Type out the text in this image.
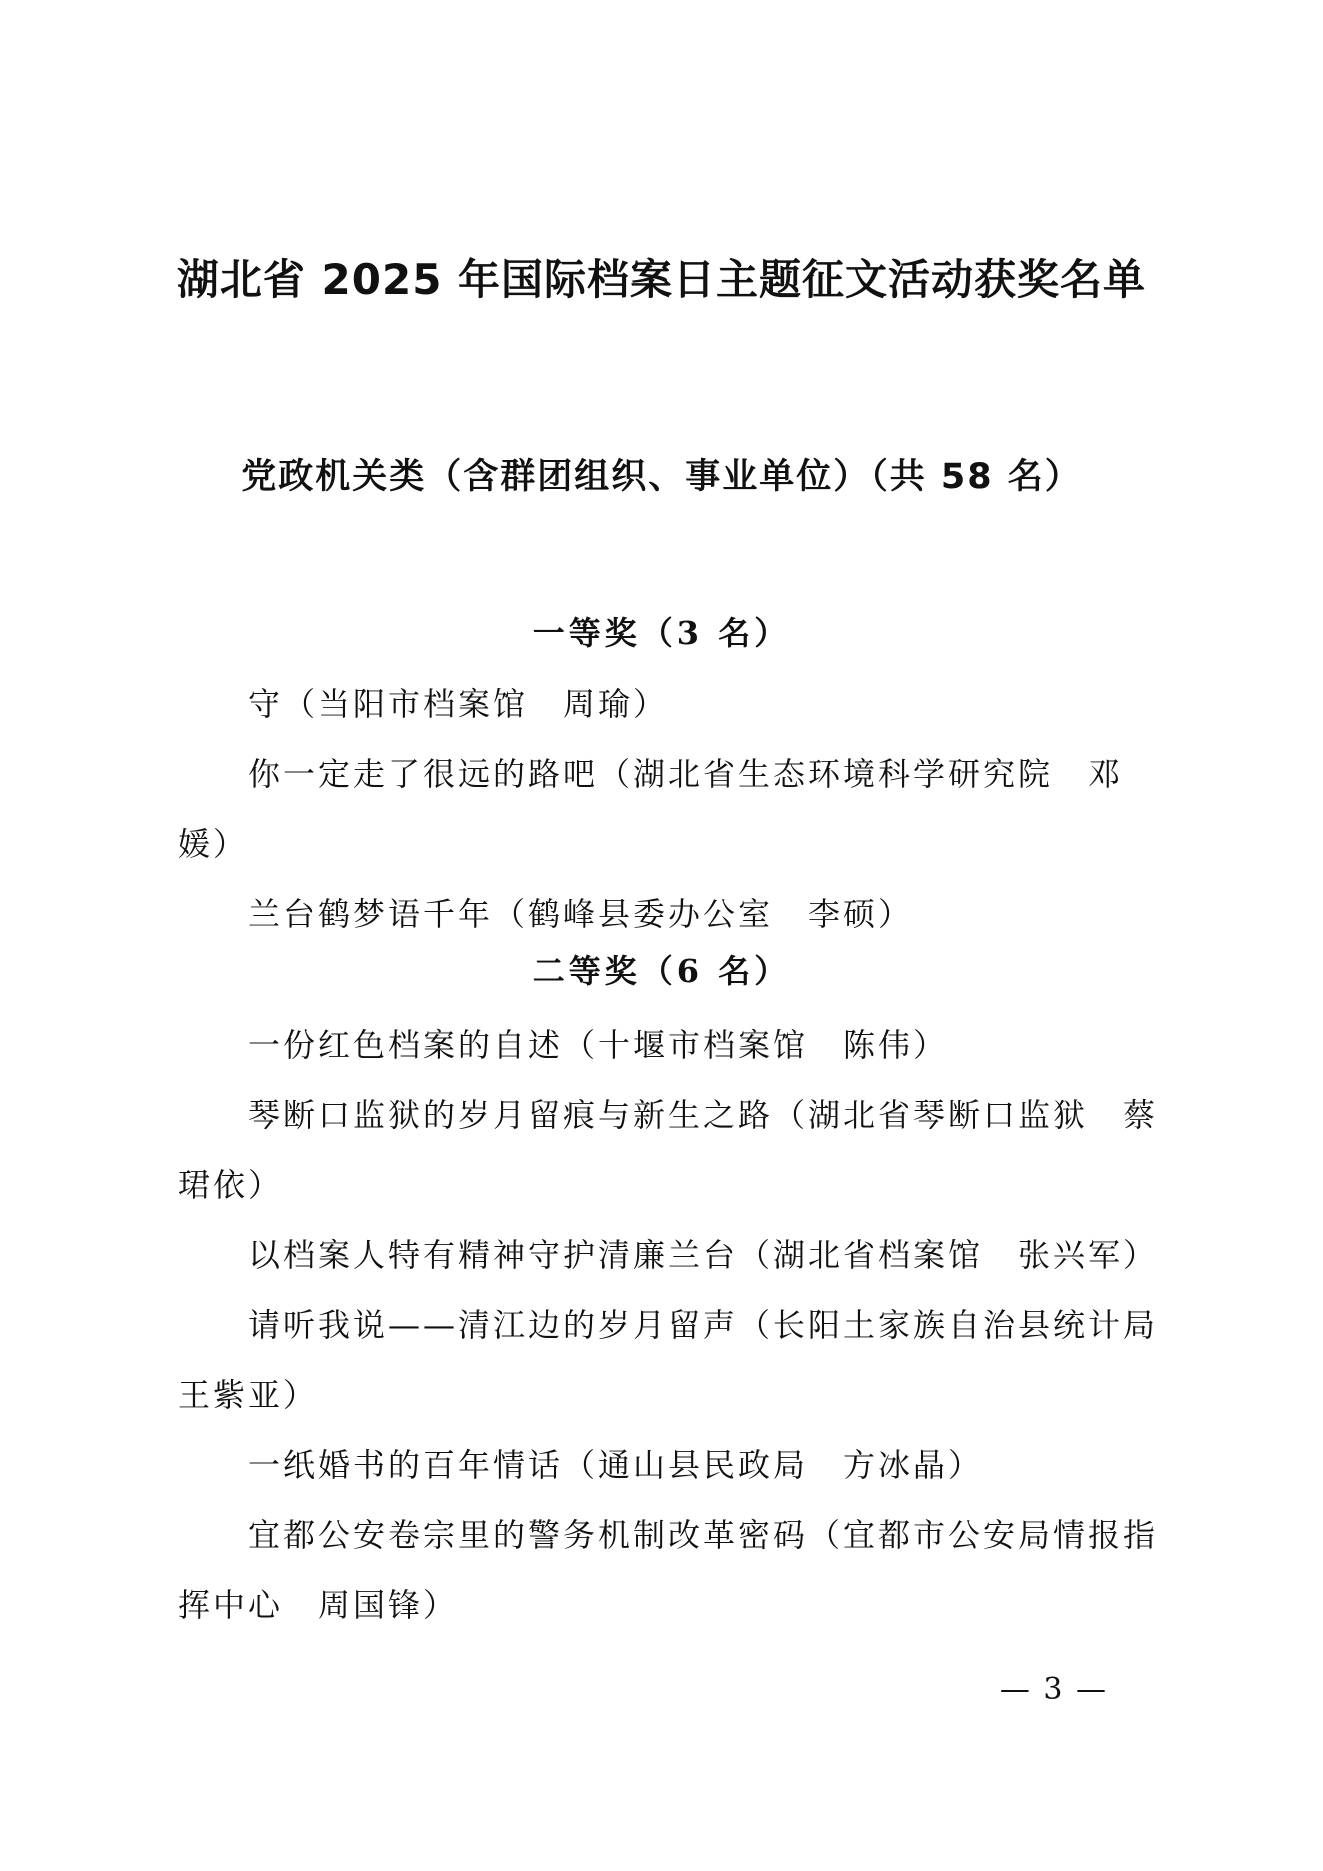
湖北省 2025 年国际档案日主题征文活动获奖名单
党政机关类（含群团组织、事业单位）（共 58 名）
一等奖（3 名）
守（当阳市档案馆　周瑜）
你一定走了很远的路吧（湖北省生态环境科学研究院　邓媛）
兰台鹤梦语千年（鹤峰县委办公室　李硕）
二等奖（6 名）
一份红色档案的自述（十堰市档案馆　陈伟）
琴断口监狱的岁月留痕与新生之路（湖北省琴断口监狱　蔡珺依）
以档案人特有精神守护清廉兰台（湖北省档案馆　张兴军）
请听我说——清江边的岁月留声（长阳土家族自治县统计局　王紫亚）
一纸婚书的百年情话（通山县民政局　方冰晶）
宜都公安卷宗里的警务机制改革密码（宜都市公安局情报指挥中心　周国锋）
— 3 —
